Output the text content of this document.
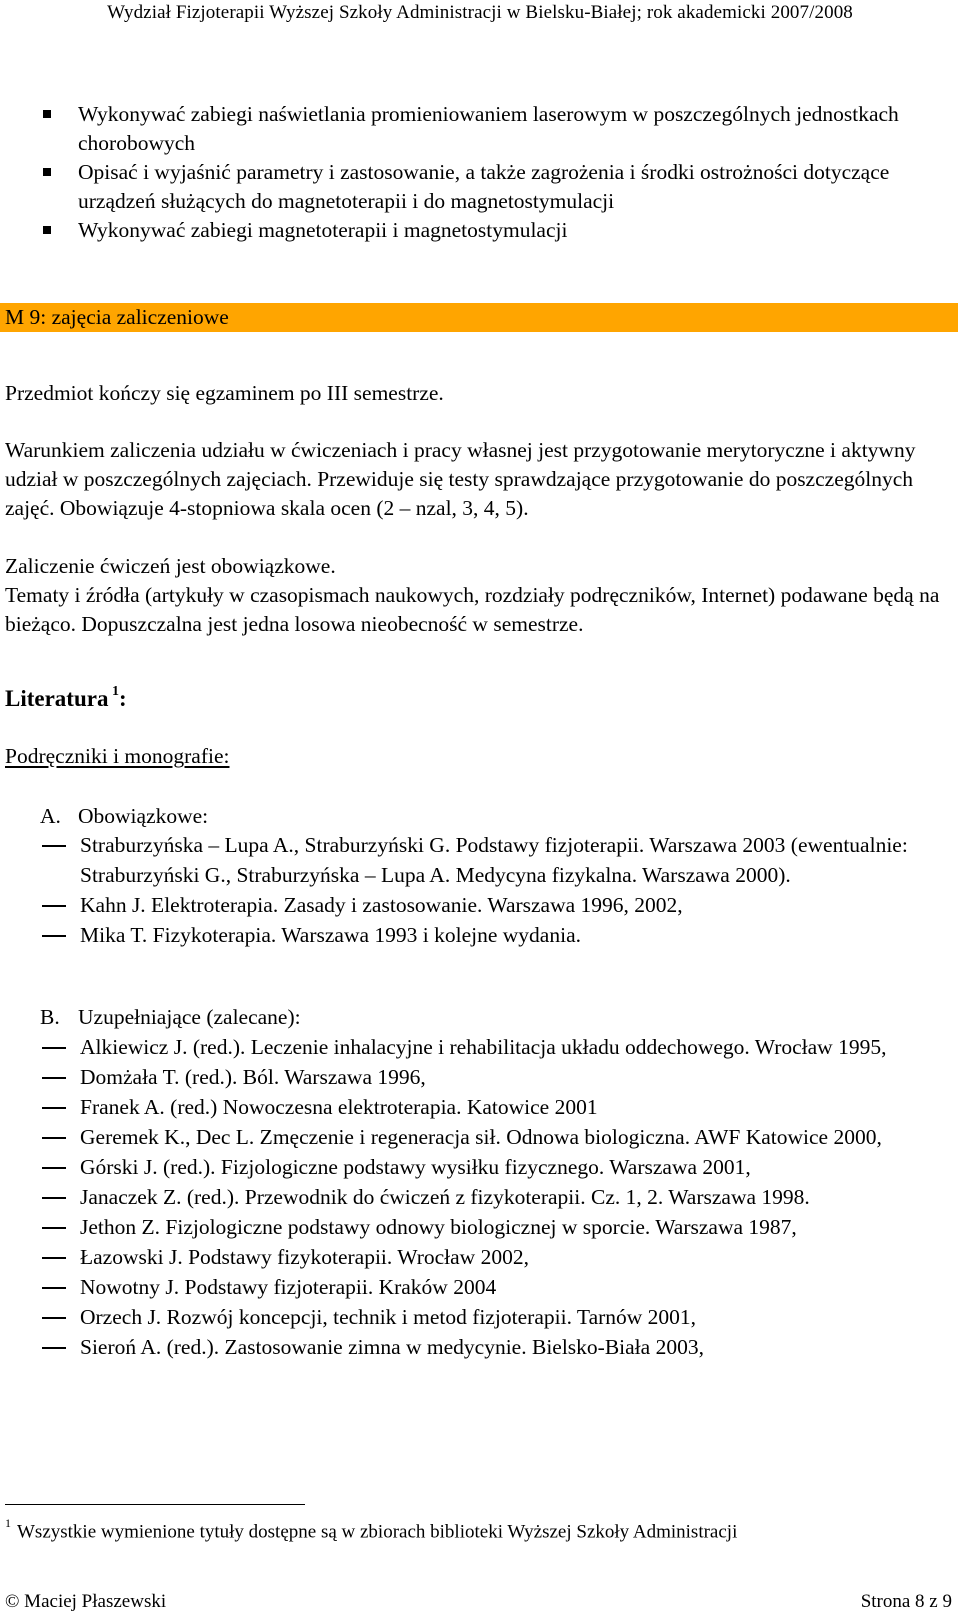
Wydział Fizjoterapii Wyższej Szkoły Administracji w Bielsku-Białej; rok akademicki 2007/2008
Wykonywać zabiegi naświetlania promieniowaniem laserowym w poszczególnych jednostkach chorobowych
Opisać i wyjaśnić parametry i zastosowanie, a także zagrożenia i środki ostrożności dotyczące urządzeń służących do magnetoterapii i do magnetostymulacji
Wykonywać zabiegi magnetoterapii i magnetostymulacji
M 9: zajęcia zaliczeniowe
Przedmiot kończy się egzaminem po III semestrze.
Warunkiem zaliczenia udziału w ćwiczeniach i pracy własnej jest przygotowanie merytoryczne i aktywny udział w poszczególnych zajęciach. Przewiduje się testy sprawdzające przygotowanie do poszczególnych zajęć. Obowiązuje 4-stopniowa skala ocen (2 – nzal, 3, 4, 5).
Zaliczenie ćwiczeń jest obowiązkowe.
Tematy i źródła (artykuły w czasopismach naukowych, rozdziały podręczników, Internet) podawane będą na bieżąco. Dopuszczalna jest jedna losowa nieobecność w semestrze.
Literatura $^1$:
Podręczniki i monografie:
A. Obowiązkowe:
Straburzyńska – Lupa A., Straburzyński G. Podstawy fizjoterapii. Warszawa 2003 (ewentualnie: Straburzyński G., Straburzyńska – Lupa A. Medycyna fizykalna. Warszawa 2000).
Kahn J. Elektroterapia. Zasady i zastosowanie. Warszawa 1996, 2002,
Mika T. Fizykoterapia. Warszawa 1993 i kolejne wydania.
B. Uzupełniające (zalecane):
Alkiewicz J. (red.). Leczenie inhalacyjne i rehabilitacja układu oddechowego. Wrocław 1995,
Domżała T. (red.). Ból. Warszawa 1996,
Franek A. (red.) Nowoczesna elektroterapia. Katowice 2001
Geremek K., Dec L. Zmęczenie i regeneracja sił. Odnowa biologiczna. AWF Katowice 2000,
Górski J. (red.). Fizjologiczne podstawy wysiłku fizycznego. Warszawa 2001,
Janaczek Z. (red.). Przewodnik do ćwiczeń z fizykoterapii. Cz. 1, 2. Warszawa 1998.
Jethon Z. Fizjologiczne podstawy odnowy biologicznej w sporcie. Warszawa 1987,
Łazowski J. Podstawy fizykoterapii. Wrocław 2002,
Nowotny J. Podstawy fizjoterapii. Kraków 2004
Orzech J. Rozwój koncepcji, technik i metod fizjoterapii. Tarnów 2001,
Sieroń A. (red.). Zastosowanie zimna w medycynie. Bielsko-Biała 2003,
$^1$ Wszystkie wymienione tytuły dostępne są w zbiorach biblioteki Wyższej Szkoły Administracji
© Maciej Płaszewski	Strona 8 z 9
